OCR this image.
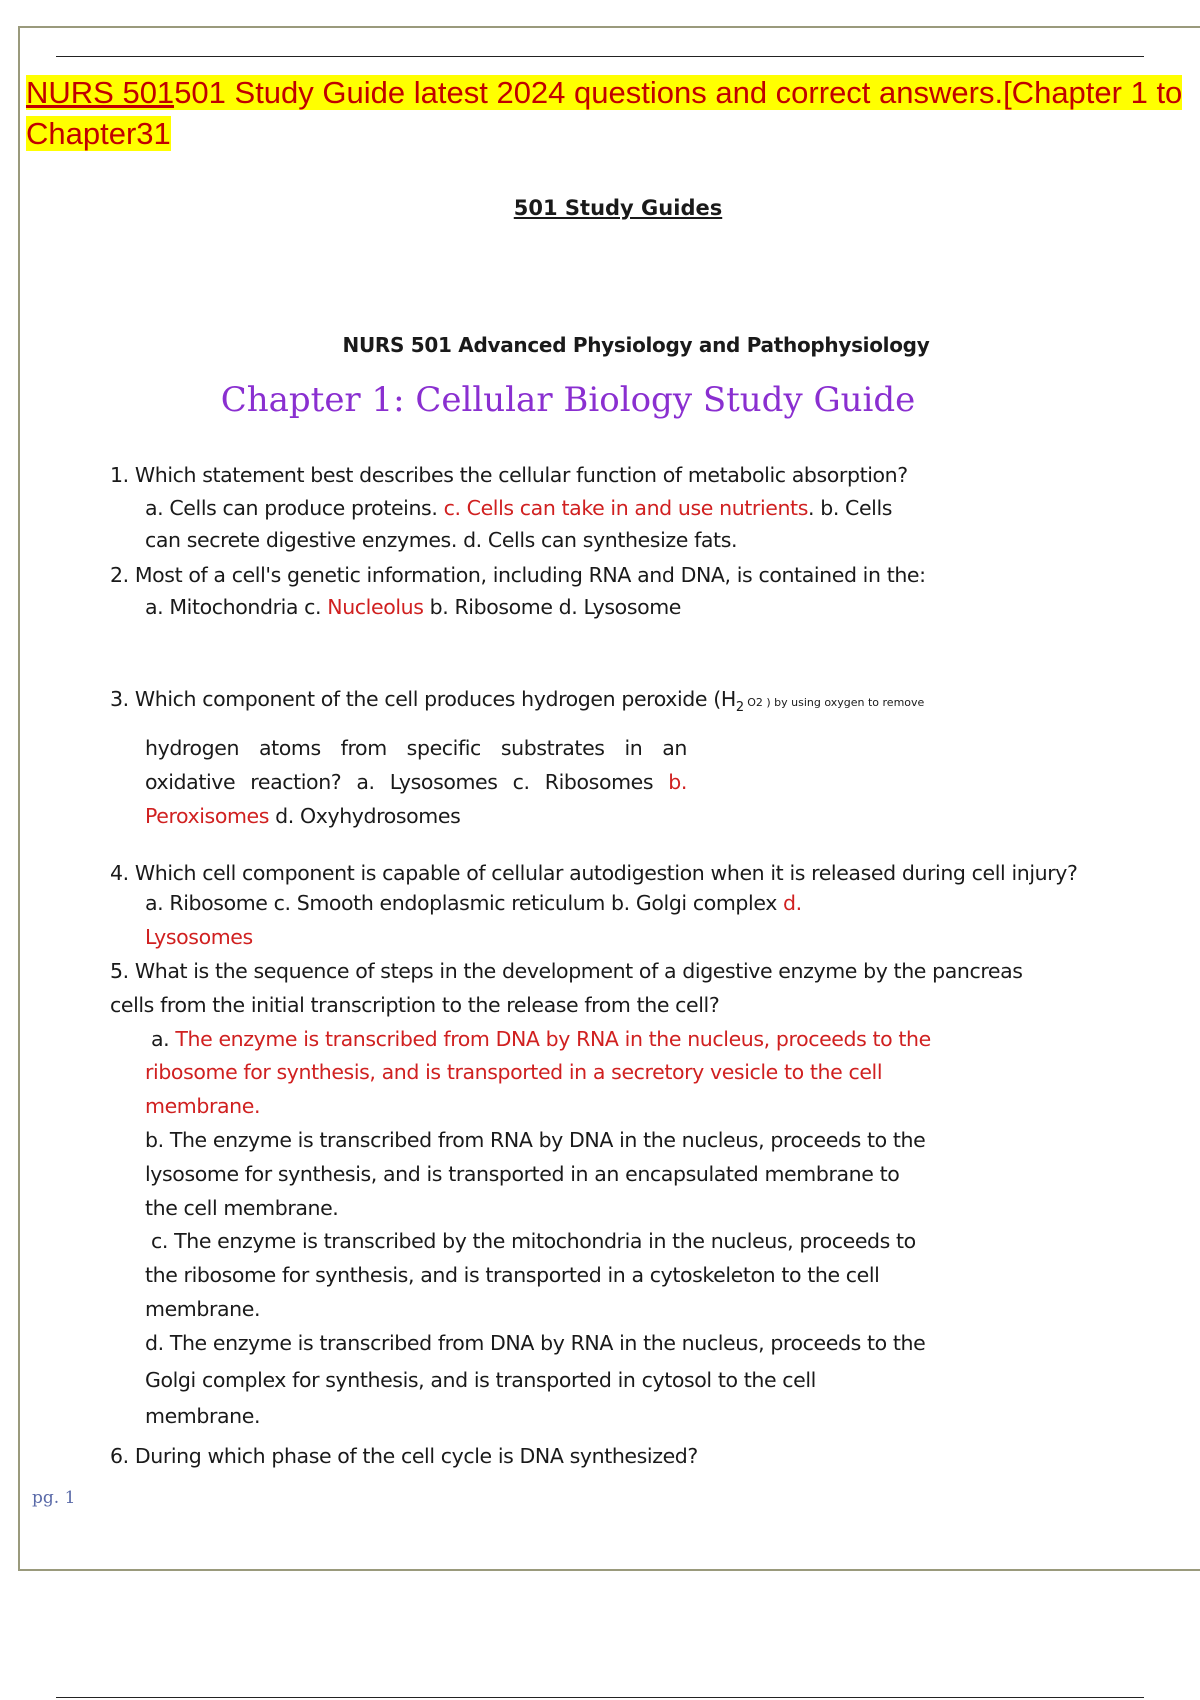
NURS 501501 Study Guide latest 2024 questions and correct answers.[Chapter 1 to Chapter31
501 Study Guides
NURS 501 Advanced Physiology and Pathophysiology
Chapter 1: Cellular Biology Study Guide
1. Which statement best describes the cellular function of metabolic absorption?
a. Cells can produce proteins. c. Cells can take in and use nutrients. b. Cells
can secrete digestive enzymes. d. Cells can synthesize fats.
2. Most of a cell's genetic information, including RNA and DNA, is contained in the:
a. Mitochondria c. Nucleolus b. Ribosome d. Lysosome
3. Which component of the cell produces hydrogen peroxide ($H_2$ O2 ) by using oxygen to remove
hydrogen atoms from specific substrates in an
oxidative reaction? a. Lysosomes c. Ribosomes b.
Peroxisomes d. Oxyhydrosomes
4. Which cell component is capable of cellular autodigestion when it is released during cell injury?
a. Ribosome c. Smooth endoplasmic reticulum b. Golgi complex d.
Lysosomes
5. What is the sequence of steps in the development of a digestive enzyme by the pancreas
cells from the initial transcription to the release from the cell?
a. The enzyme is transcribed from DNA by RNA in the nucleus, proceeds to the
ribosome for synthesis, and is transported in a secretory vesicle to the cell
membrane.
b. The enzyme is transcribed from RNA by DNA in the nucleus, proceeds to the
lysosome for synthesis, and is transported in an encapsulated membrane to
the cell membrane.
c. The enzyme is transcribed by the mitochondria in the nucleus, proceeds to
the ribosome for synthesis, and is transported in a cytoskeleton to the cell
membrane.
d. The enzyme is transcribed from DNA by RNA in the nucleus, proceeds to the
Golgi complex for synthesis, and is transported in cytosol to the cell
membrane.
6. During which phase of the cell cycle is DNA synthesized?
pg. 1
